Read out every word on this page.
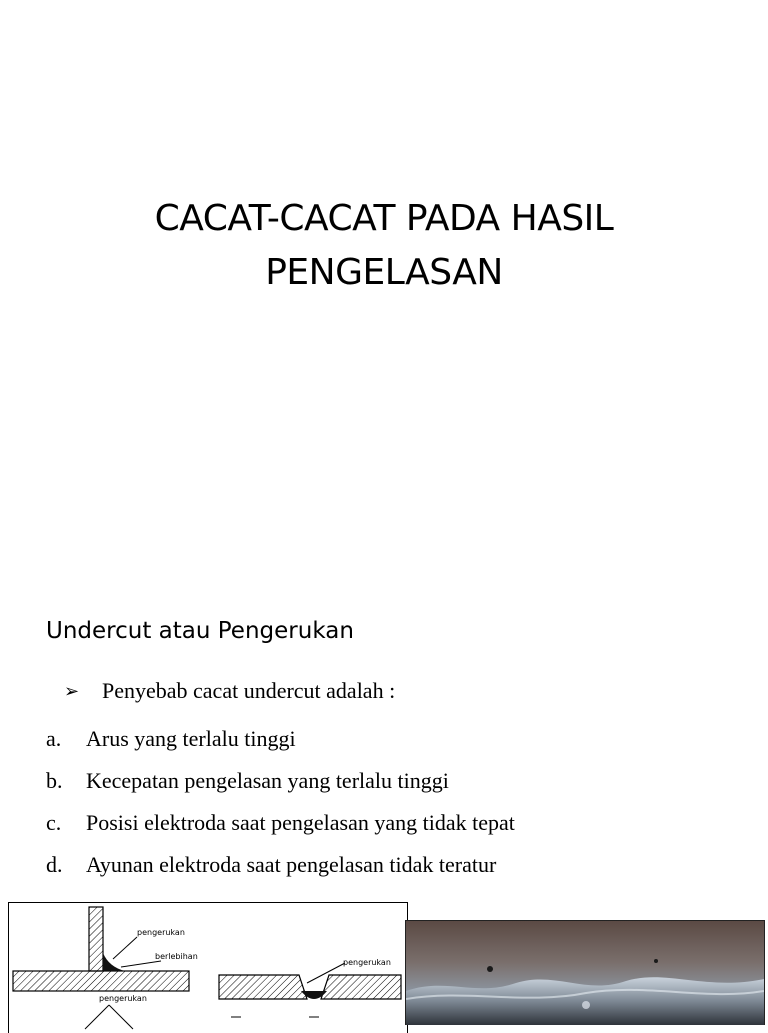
CACAT-CACAT PADA HASIL
PENGELASAN
Undercut atau Pengerukan
➢	Penyebab cacat undercut adalah :
a.	Arus yang terlalu tinggi
b.	Kecepatan pengelasan yang terlalu tinggi
c.	Posisi elektroda saat pengelasan yang tidak tepat
d.	Ayunan elektroda saat pengelasan tidak teratur
pengerukan
berlebihan
pengerukan
pengerukan
